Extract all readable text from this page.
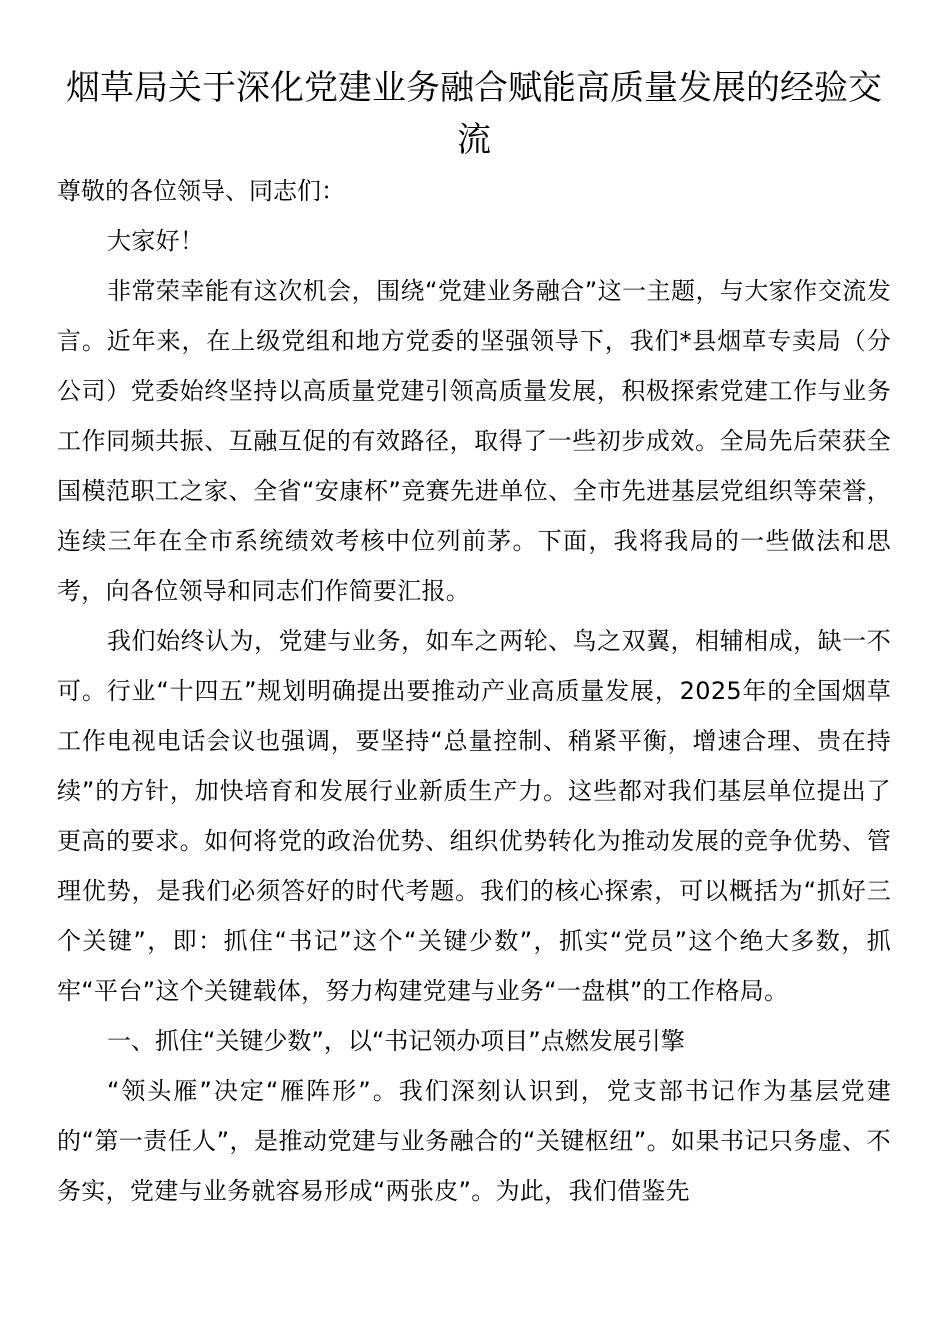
烟草局关于深化党建业务融合赋能高质量发展的经验交流

尊敬的各位领导、同志们：

大家好！

非常荣幸能有这次机会，围绕“党建业务融合”这一主题，与大家作交流发言。近年来，在上级党组和地方党委的坚强领导下，我们*县烟草专卖局（分公司）党委始终坚持以高质量党建引领高质量发展，积极探索党建工作与业务工作同频共振、互融互促的有效路径，取得了一些初步成效。全局先后荣获全国模范职工之家、全省“安康杯”竞赛先进单位、全市先进基层党组织等荣誉，连续三年在全市系统绩效考核中位列前茅。下面，我将我局的一些做法和思考，向各位领导和同志们作简要汇报。

我们始终认为，党建与业务，如车之两轮、鸟之双翼，相辅相成，缺一不可。行业“十四五”规划明确提出要推动产业高质量发展，2025年的全国烟草工作电视电话会议也强调，要坚持“总量控制、稍紧平衡，增速合理、贵在持续”的方针，加快培育和发展行业新质生产力。这些都对我们基层单位提出了更高的要求。如何将党的政治优势、组织优势转化为推动发展的竞争优势、管理优势，是我们必须答好的时代考题。我们的核心探索，可以概括为“抓好三个关键”，即：抓住“书记”这个“关键少数”，抓实“党员”这个绝大多数，抓牢“平台”这个关键载体，努力构建党建与业务“一盘棋”的工作格局。

一、抓住“关键少数”，以“书记领办项目”点燃发展引擎

“领头雁”决定“雁阵形”。我们深刻认识到，党支部书记作为基层党建的“第一责任人”，是推动党建与业务融合的“关键枢纽”。如果书记只务虚、不务实，党建与业务就容易形成“两张皮”。为此，我们借鉴先
